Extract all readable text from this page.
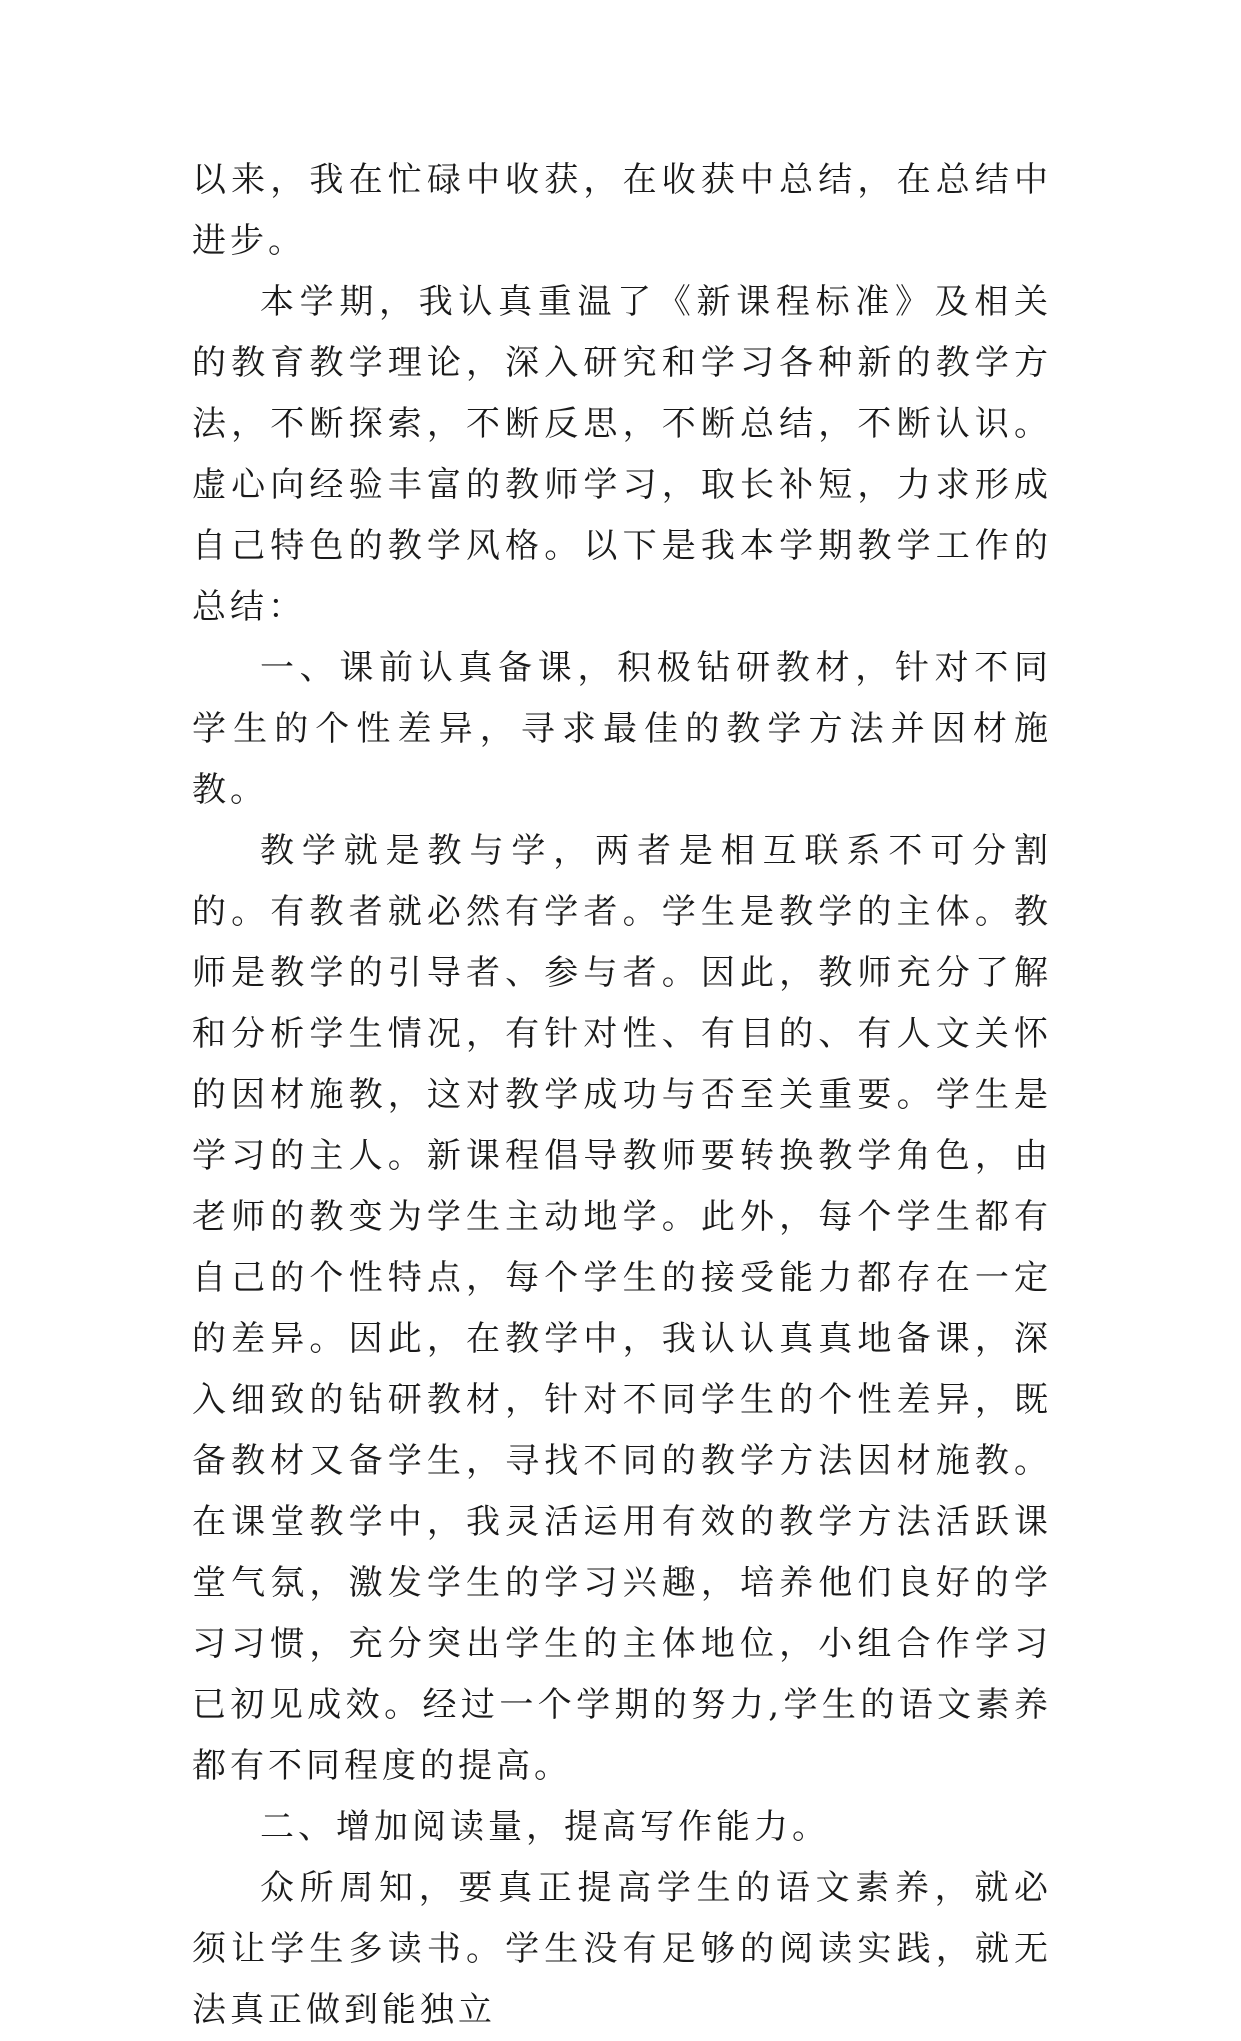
以来，我在忙碌中收获，在收获中总结，在总结中进步。

本学期，我认真重温了《新课程标准》及相关的教育教学理论，深入研究和学习各种新的教学方法，不断探索，不断反思，不断总结，不断认识。虚心向经验丰富的教师学习，取长补短，力求形成自己特色的教学风格。以下是我本学期教学工作的总结：

一、课前认真备课，积极钻研教材，针对不同学生的个性差异，寻求最佳的教学方法并因材施教。

教学就是教与学，两者是相互联系不可分割的。有教者就必然有学者。学生是教学的主体。教师是教学的引导者、参与者。因此，教师充分了解和分析学生情况，有针对性、有目的、有人文关怀的因材施教，这对教学成功与否至关重要。学生是学习的主人。新课程倡导教师要转换教学角色，由老师的教变为学生主动地学。此外，每个学生都有自己的个性特点，每个学生的接受能力都存在一定的差异。因此，在教学中，我认认真真地备课，深入细致的钻研教材，针对不同学生的个性差异，既备教材又备学生，寻找不同的教学方法因材施教。在课堂教学中，我灵活运用有效的教学方法活跃课堂气氛，激发学生的学习兴趣，培养他们良好的学习习惯，充分突出学生的主体地位，小组合作学习已初见成效。经过一个学期的努力,学生的语文素养都有不同程度的提高。

二、增加阅读量，提高写作能力。

众所周知，要真正提高学生的语文素养，就必须让学生多读书。学生没有足够的阅读实践，就无法真正做到能独立
